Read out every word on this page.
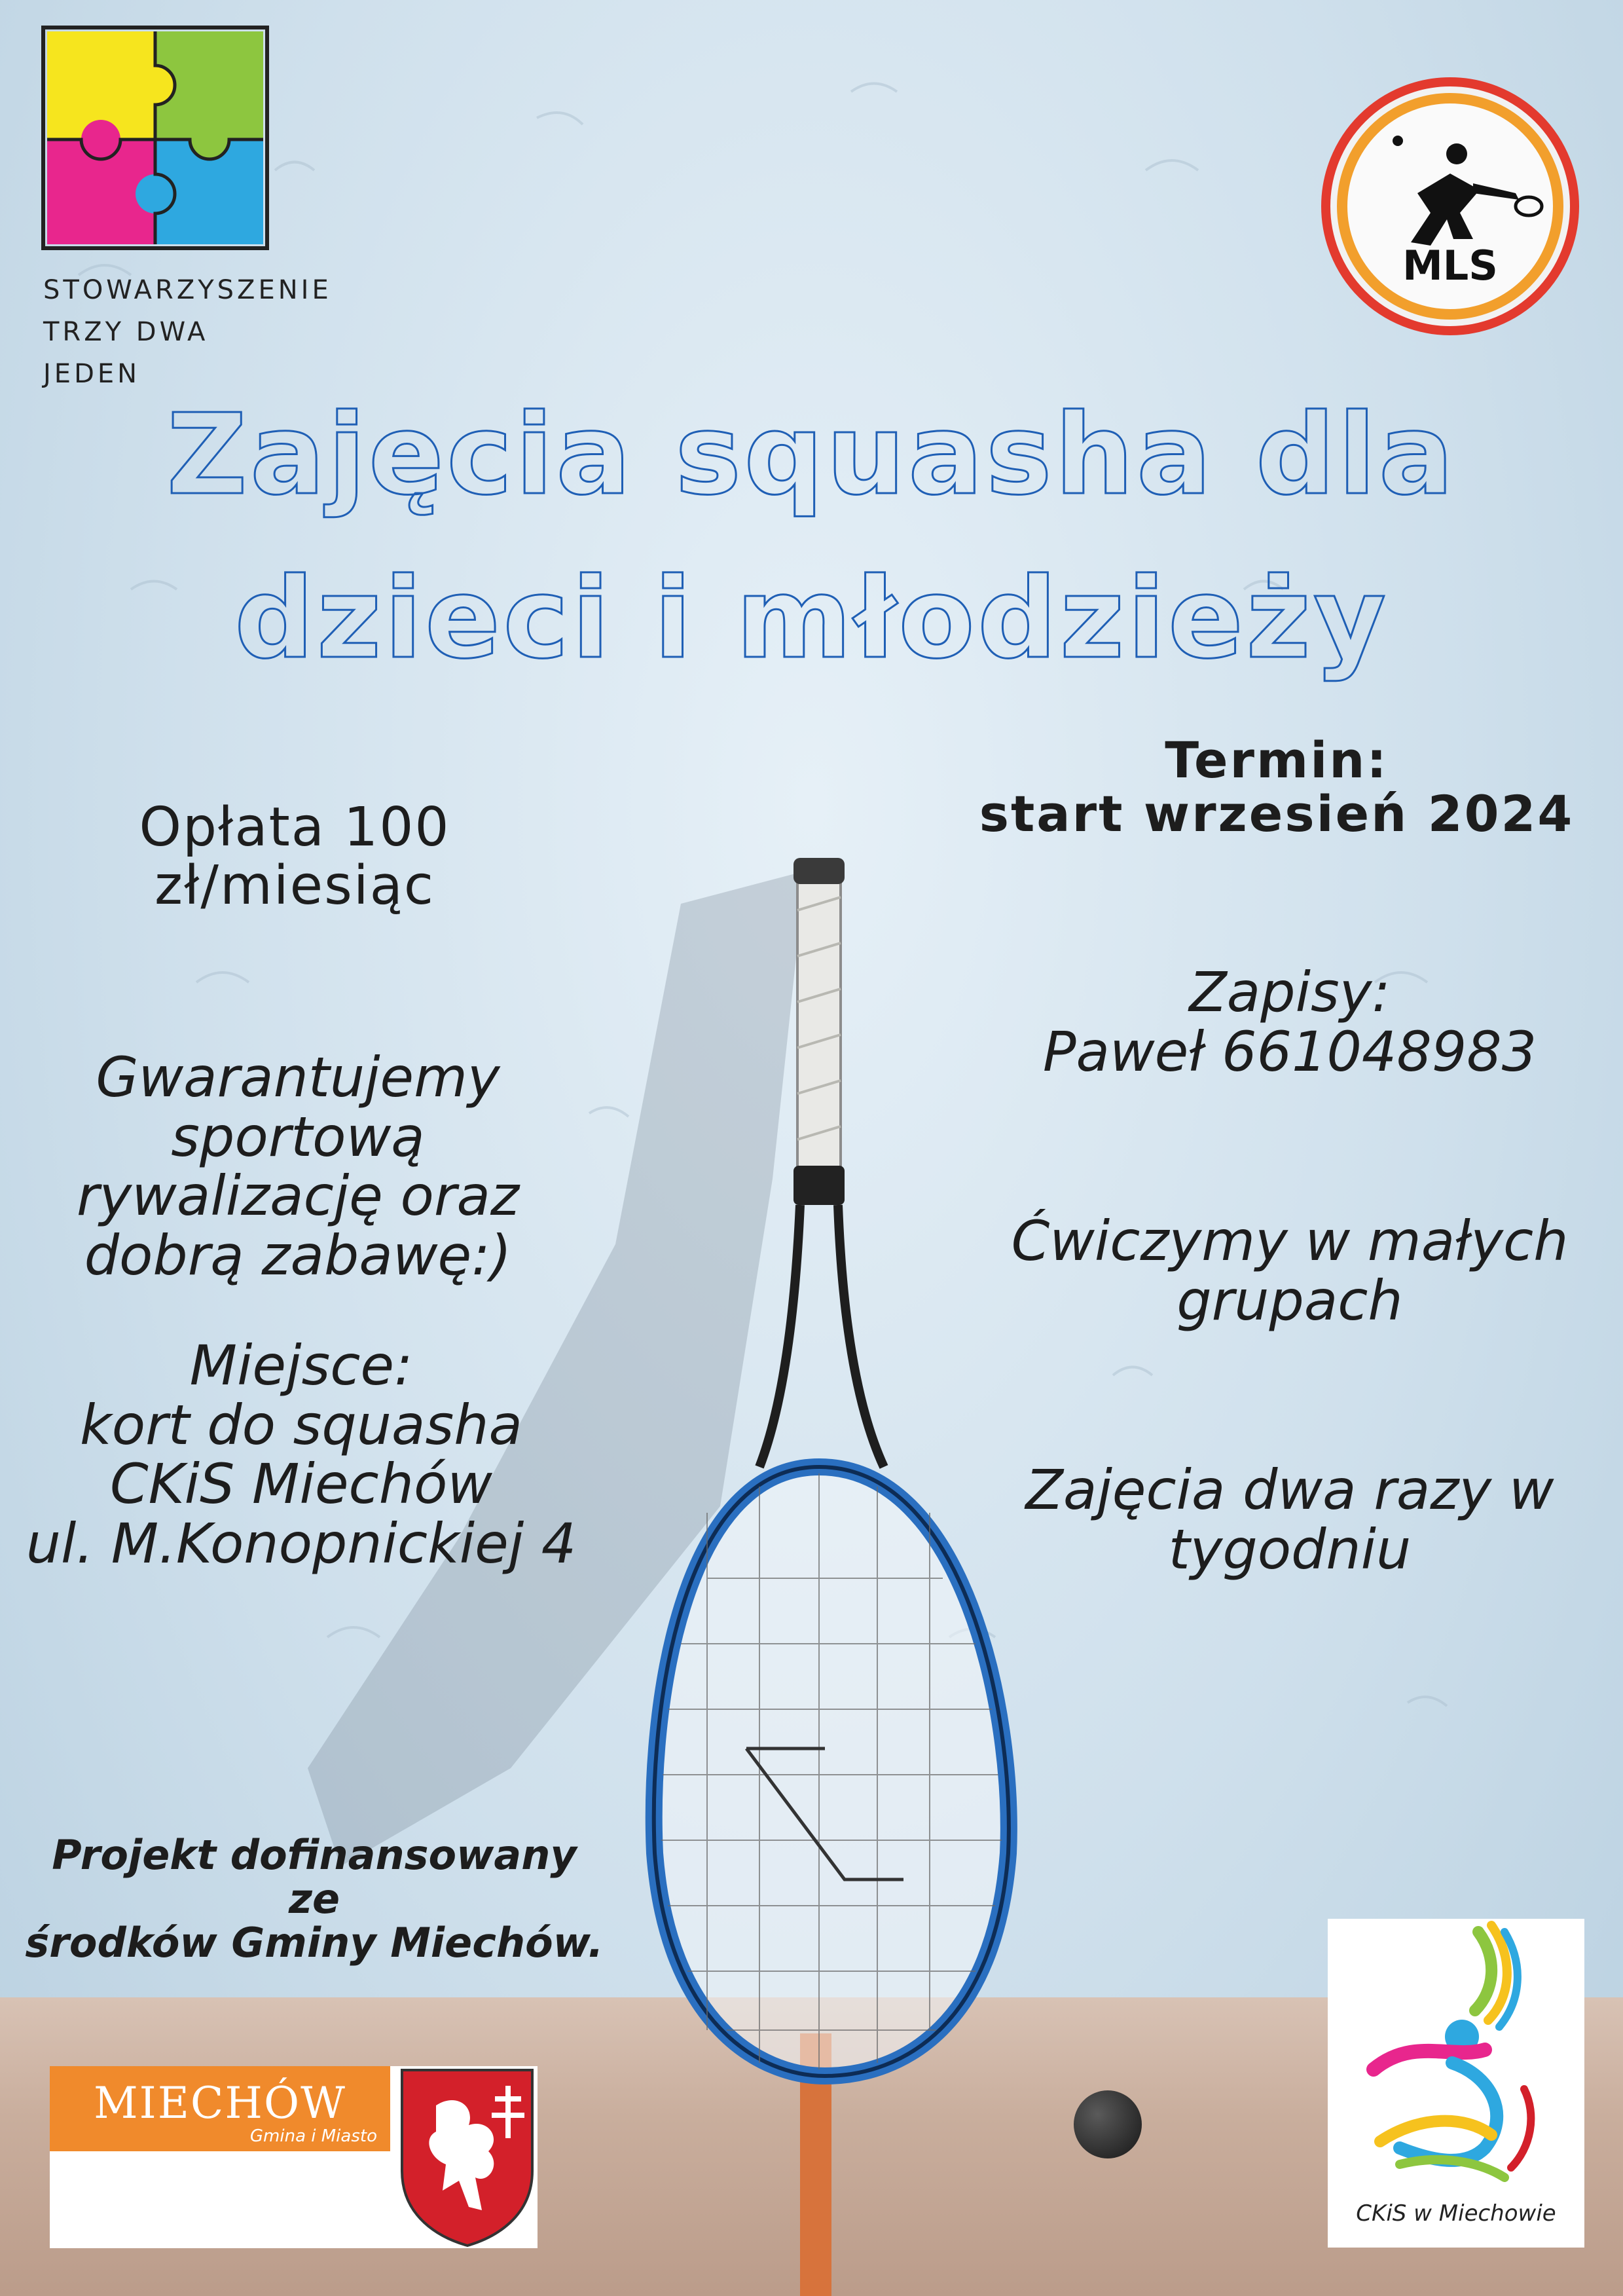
STOWARZYSZENIE
TRZY DWA JEDEN
MLS
Zajęcia squasha dla
dzieci i młodzieży
Opłata 100
zł/miesiąc
Gwarantujemy
sportową
rywalizację oraz
dobrą zabawę:)
Miejsce:
kort do squasha
CKiS Miechów
ul. M.Konopnickiej 4
Projekt dofinansowany ze
środków Gminy Miechów.
Termin:
start wrzesień 2024
Zapisy:
Paweł 661048983
Ćwiczymy w małych
grupach
Zajęcia dwa razy w
tygodniu
MIECHÓW
Gmina i Miasto
CKiS w Miechowie
